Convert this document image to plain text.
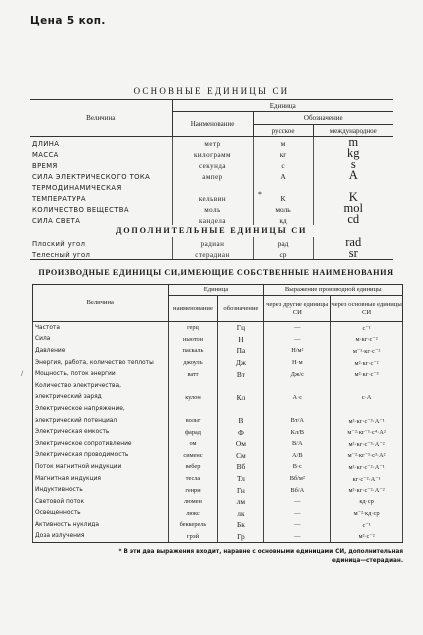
Цена 5 коп.
ОСНОВНЫЕ ЕДИНИЦЫ СИ
Величина	Единица		
	Наименование	Обозначение	
		русское	международное
ДЛИНА	метр	м	m
МАССА	килограмм	кг	kg
ВРЕМЯ	секунда	с	s
СИЛА ЭЛЕКТРИЧЕСКОГО ТОКА	ампер	А	A
ТЕРМОДИНАМИЧЕСКАЯ			
ТЕМПЕРАТУРА	кельвин	К	K
КОЛИЧЕСТВО ВЕЩЕСТВА	моль	моль	mol
СИЛА СВЕТА	кандела	кд	cd
ДОПОЛНИТЕЛЬНЫЕ ЕДИНИЦЫ СИ			
Плоский угол	радиан	рад	rad
Телесный угол	стерадиан	ср	sr
*
ПРОИЗВОДНЫЕ ЕДИНИЦЫ СИ,ИМЕЮЩИЕ СОБСТВЕННЫЕ НАИМЕНОВАНИЯ
Величина	Единица		Выражение производной единицы	
	наименование	обозначение	через другие единицы СИ	через основные единицы СИ
Частота	герц	Гц	—	с⁻¹
Сила	ньютон	Н	—	м·кг·с⁻²
Давление	паскаль	Па	Н/м²	м⁻¹·кг·с⁻²
Энергия, работа, количество теплоты	джоуль	Дж	Н·м	м²·кг·с⁻²
Мощность, поток энергии	ватт	Вт	Дж/с	м²·кг·с⁻³
Количество электричества,				
электрический заряд	кулон	Кл	А·с	с·А
Электрическое напряжение,				
электрический потенциал	вольт	В	Вт/А	м²·кг·с⁻³·А⁻¹
Электрическая емкость	фарад	Ф	Кл/В	м⁻²·кг⁻¹·с⁴·А²
Электрическое сопротивление	ом	Ом	В/А	м²·кг·с⁻³·А⁻²
Электрическая проводимость	сименс	См	А/В	м⁻²·кг⁻¹·с³·А²
Поток магнитной индукции	вебер	Вб	В·с	м²·кг·с⁻²·А⁻¹
Магнитная индукция	тесла	Тл	Вб/м²	кг·с⁻²·А⁻¹
Индуктивность	генри	Гн	Вб/А	м²·кг·с⁻²·А⁻²
Световой поток	люмен	лм	—	кд·ср
Освещенность	люкс	лк	—	м⁻²·кд·ср
Активность нуклида	беккерель	Бк	—	с⁻¹
Доза излучения	грэй	Гр	—	м²·с⁻²
/
* В эти два выражения входит, наравне с основными единицами СИ, дополнительная
единица—стерадиан.
